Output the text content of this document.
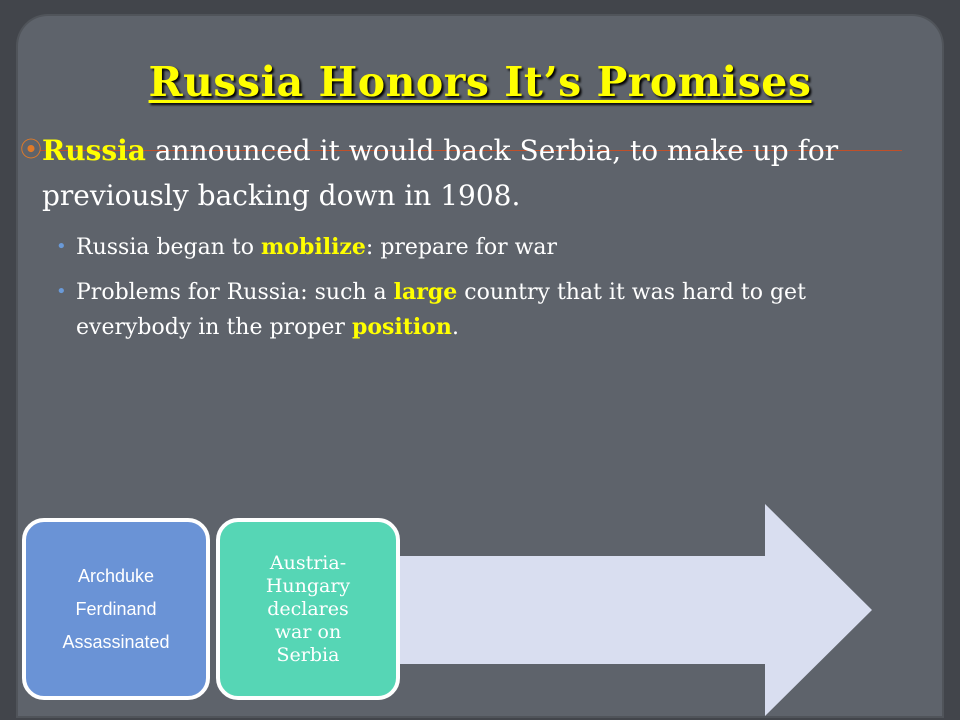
Russia Honors It’s Promises
⦿ Russia announced it would back Serbia, to make up for previously backing down in 1908.
• Russia began to mobilize: prepare for war
• Problems for Russia: such a large country that it was hard to get everybody in the proper position.
Archduke
Ferdinand
Assassinated
Austria-
Hungary
declares
war on
Serbia
